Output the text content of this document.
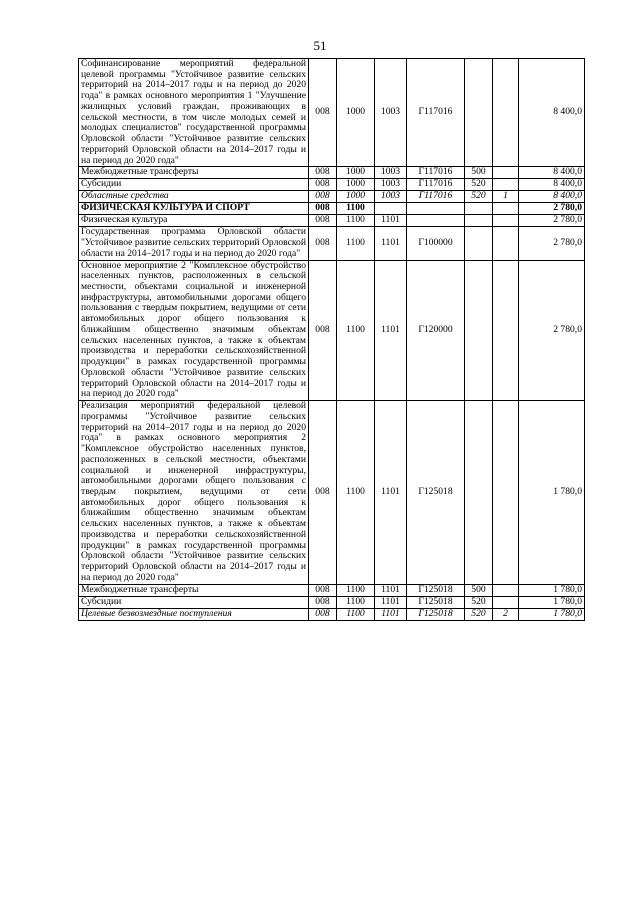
51
Софинансирование мероприятий федеральной целевой программы "Устойчивое развитие сельских территорий на 2014–2017 годы и на период до 2020 года" в рамках основного мероприятия 1 "Улучшение жилищных условий граждан, проживающих в сельской местности, в том числе молодых семей и молодых специалистов" государственной программы Орловской области "Устойчивое развитие сельских территорий Орловской области на 2014–2017 годы и на период до 2020 года"	008	1000	1003	Г117016			8 400,0
Межбюджетные трансферты	008	1000	1003	Г117016	500		8 400,0
Субсидии	008	1000	1003	Г117016	520		8 400,0
Областные средства	008	1000	1003	Г117016	520	1	8 400,0
ФИЗИЧЕСКАЯ КУЛЬТУРА И СПОРТ	008	1100					2 780,0
Физическая культура	008	1100	1101				2 780,0
Государственная программа Орловской области "Устойчивое развитие сельских территорий Орловской области на 2014–2017 годы и на период до 2020 года"	008	1100	1101	Г100000			2 780,0
Основное мероприятие 2 "Комплексное обустройство населенных пунктов, расположенных в сельской местности, объектами социальной и инженерной инфраструктуры, автомобильными дорогами общего пользования с твердым покрытием, ведущими от сети автомобильных дорог общего пользования к ближайшим общественно значимым объектам сельских населенных пунктов, а также к объектам производства и переработки сельскохозяйственной продукции" в рамках государственной программы Орловской области "Устойчивое развитие сельских территорий Орловской области на 2014–2017 годы и на период до 2020 года"	008	1100	1101	Г120000			2 780,0
Реализация мероприятий федеральной целевой программы "Устойчивое развитие сельских территорий на 2014–2017 годы и на период до 2020 года" в рамках основного мероприятия 2 "Комплексное обустройство населенных пунктов, расположенных в сельской местности, объектами социальной и инженерной инфраструктуры, автомобильными дорогами общего пользования с твердым покрытием, ведущими от сети автомобильных дорог общего пользования к ближайшим общественно значимым объектам сельских населенных пунктов, а также к объектам производства и переработки сельскохозяйственной продукции" в рамках государственной программы Орловской области "Устойчивое развитие сельских территорий Орловской области на 2014–2017 годы и на период до 2020 года"	008	1100	1101	Г125018			1 780,0
Межбюджетные трансферты	008	1100	1101	Г125018	500		1 780,0
Субсидии	008	1100	1101	Г125018	520		1 780,0
Целевые безвозмездные поступления	008	1100	1101	Г125018	520	2	1 780,0
